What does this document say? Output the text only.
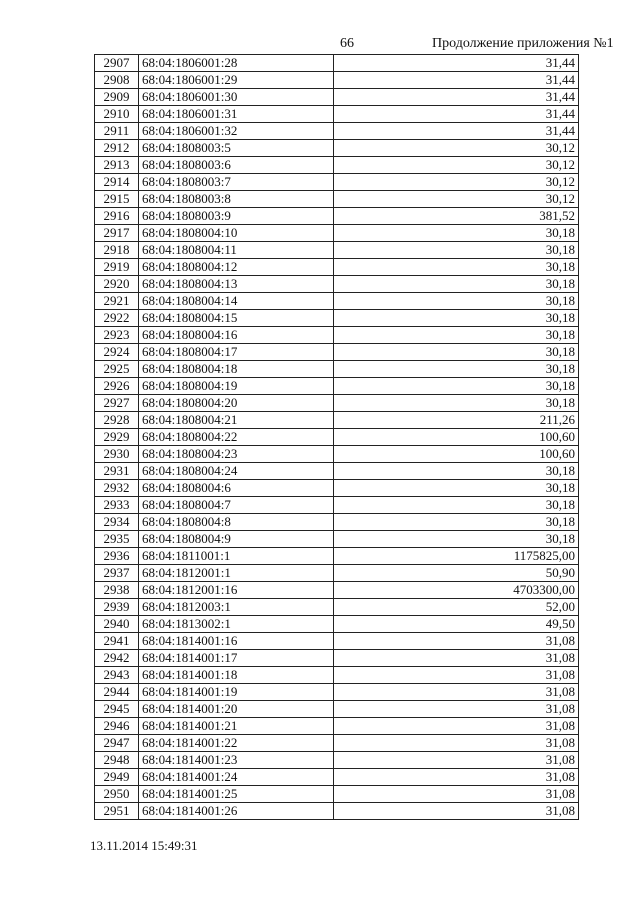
66	Продолжение приложения №1
2907	68:04:1806001:28	31,44
2908	68:04:1806001:29	31,44
2909	68:04:1806001:30	31,44
2910	68:04:1806001:31	31,44
2911	68:04:1806001:32	31,44
2912	68:04:1808003:5	30,12
2913	68:04:1808003:6	30,12
2914	68:04:1808003:7	30,12
2915	68:04:1808003:8	30,12
2916	68:04:1808003:9	381,52
2917	68:04:1808004:10	30,18
2918	68:04:1808004:11	30,18
2919	68:04:1808004:12	30,18
2920	68:04:1808004:13	30,18
2921	68:04:1808004:14	30,18
2922	68:04:1808004:15	30,18
2923	68:04:1808004:16	30,18
2924	68:04:1808004:17	30,18
2925	68:04:1808004:18	30,18
2926	68:04:1808004:19	30,18
2927	68:04:1808004:20	30,18
2928	68:04:1808004:21	211,26
2929	68:04:1808004:22	100,60
2930	68:04:1808004:23	100,60
2931	68:04:1808004:24	30,18
2932	68:04:1808004:6	30,18
2933	68:04:1808004:7	30,18
2934	68:04:1808004:8	30,18
2935	68:04:1808004:9	30,18
2936	68:04:1811001:1	1175825,00
2937	68:04:1812001:1	50,90
2938	68:04:1812001:16	4703300,00
2939	68:04:1812003:1	52,00
2940	68:04:1813002:1	49,50
2941	68:04:1814001:16	31,08
2942	68:04:1814001:17	31,08
2943	68:04:1814001:18	31,08
2944	68:04:1814001:19	31,08
2945	68:04:1814001:20	31,08
2946	68:04:1814001:21	31,08
2947	68:04:1814001:22	31,08
2948	68:04:1814001:23	31,08
2949	68:04:1814001:24	31,08
2950	68:04:1814001:25	31,08
2951	68:04:1814001:26	31,08
13.11.2014 15:49:31
